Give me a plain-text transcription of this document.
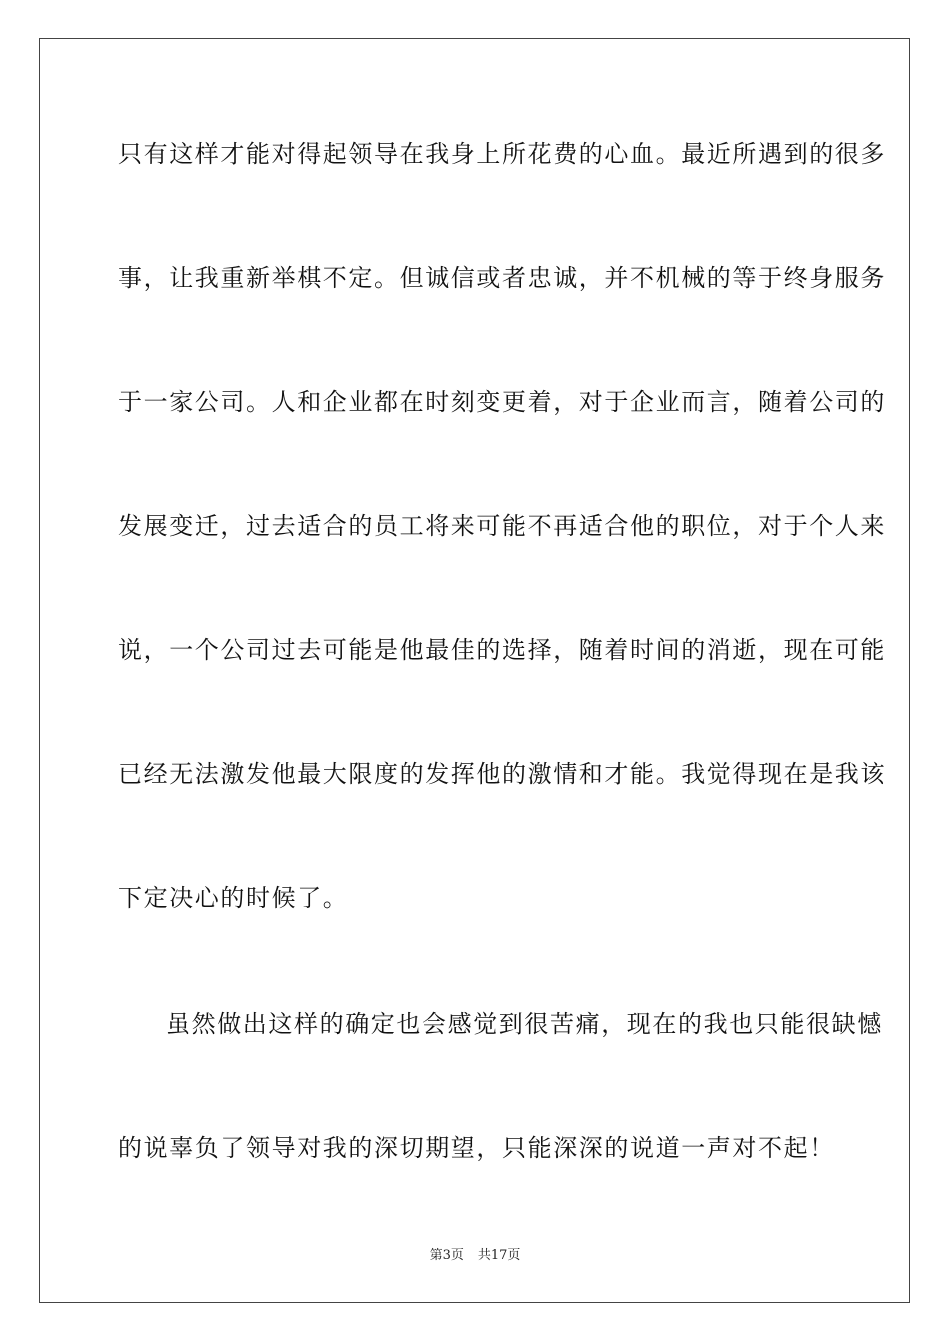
只有这样才能对得起领导在我身上所花费的心血。最近所遇到的很多
事，让我重新举棋不定。但诚信或者忠诚，并不机械的等于终身服务
于一家公司。人和企业都在时刻变更着，对于企业而言，随着公司的
发展变迁，过去适合的员工将来可能不再适合他的职位，对于个人来
说，一个公司过去可能是他最佳的选择，随着时间的消逝，现在可能
已经无法激发他最大限度的发挥他的激情和才能。我觉得现在是我该
下定决心的时候了。
虽然做出这样的确定也会感觉到很苦痛，现在的我也只能很缺憾
的说辜负了领导对我的深切期望，只能深深的说道一声对不起！
第3页 共17页
